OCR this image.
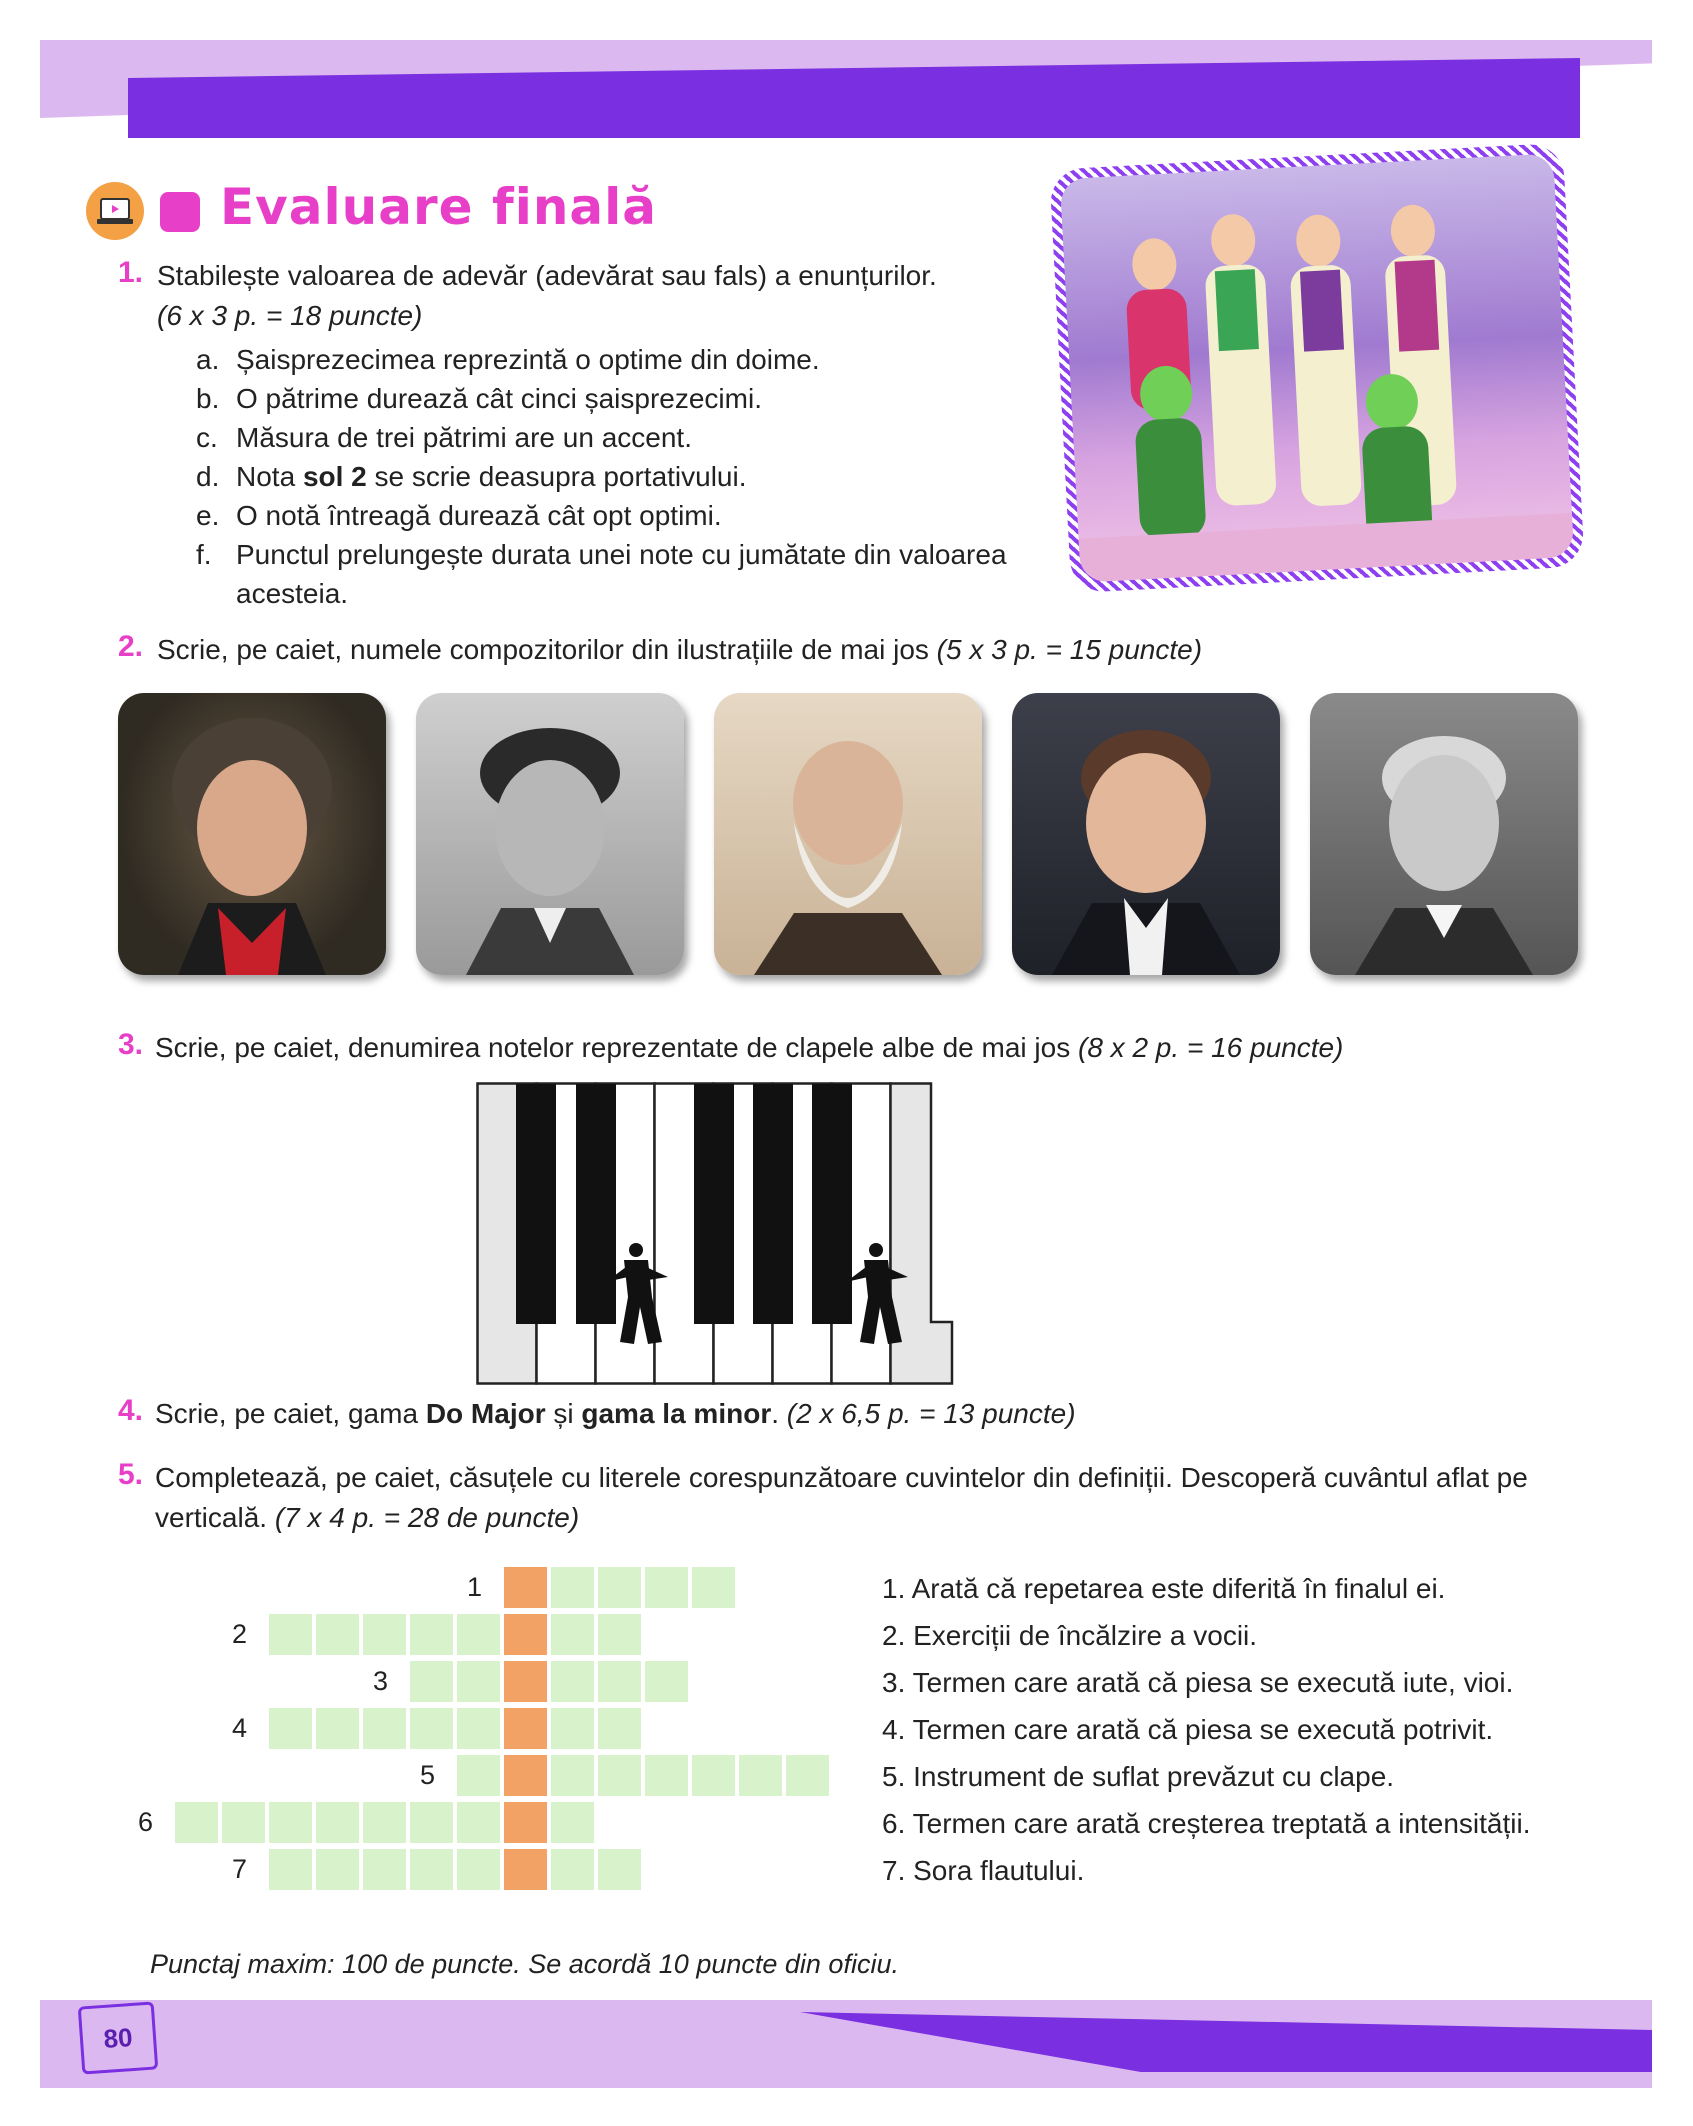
Evaluare finală
1. Stabilește valoarea de adevăr (adevărat sau fals) a enunțurilor.
(6 x 3 p. = 18 puncte)
a. Șaisprezecimea reprezintă o optime din doime.
b. O pătrime durează cât cinci șaisprezecimi.
c. Măsura de trei pătrimi are un accent.
d. Nota sol 2 se scrie deasupra portativului.
e. O notă întreagă durează cât opt optimi.
f. Punctul prelungește durata unei note cu jumătate din valoarea acesteia.
2. Scrie, pe caiet, numele compozitorilor din ilustrațiile de mai jos (5 x 3 p. = 15 puncte)
3. Scrie, pe caiet, denumirea notelor reprezentate de clapele albe de mai jos (8 x 2 p. = 16 puncte)
4. Scrie, pe caiet, gama Do Major și gama la minor. (2 x 6,5 p. = 13 puncte)
5. Completează, pe caiet, căsuțele cu literele corespunzătoare cuvintelor din definiții. Descoperă cuvântul aflat pe verticală. (7 x 4 p. = 28 de puncte)
1
2
3
4
5
6
7
1. Arată că repetarea este diferită în finalul ei.
2. Exerciții de încălzire a vocii.
3. Termen care arată că piesa se execută iute, vioi.
4. Termen care arată că piesa se execută potrivit.
5. Instrument de suflat prevăzut cu clape.
6. Termen care arată creșterea treptată a intensității.
7. Sora flautului.
Punctaj maxim: 100 de puncte. Se acordă 10 puncte din oficiu.
80
